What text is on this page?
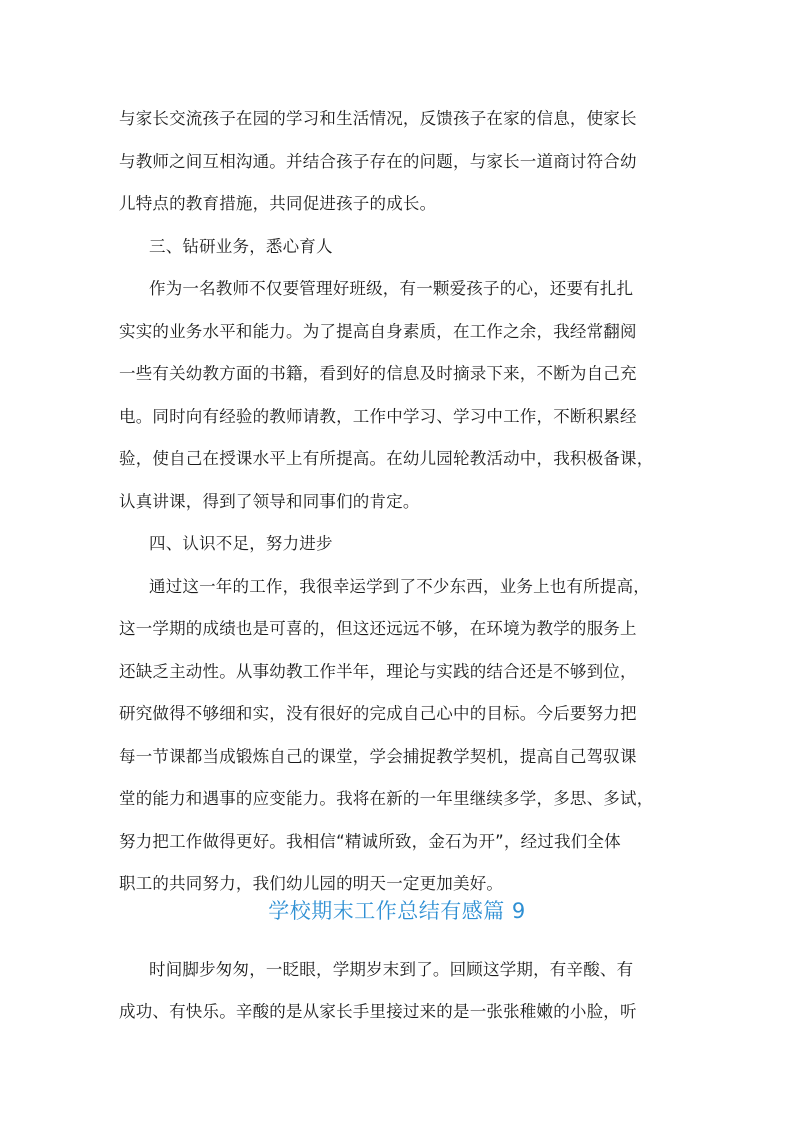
与家长交流孩子在园的学习和生活情况，反馈孩子在家的信息，使家长
与教师之间互相沟通。并结合孩子存在的问题，与家长一道商讨符合幼
儿特点的教育措施，共同促进孩子的成长。
三、钻研业务，悉心育人
作为一名教师不仅要管理好班级，有一颗爱孩子的心，还要有扎扎
实实的业务水平和能力。为了提高自身素质，在工作之余，我经常翻阅
一些有关幼教方面的书籍，看到好的信息及时摘录下来，不断为自己充
电。同时向有经验的教师请教，工作中学习、学习中工作，不断积累经
验，使自己在授课水平上有所提高。在幼儿园轮教活动中，我积极备课，
认真讲课，得到了领导和同事们的肯定。
四、认识不足，努力进步
通过这一年的工作，我很幸运学到了不少东西，业务上也有所提高，
这一学期的成绩也是可喜的，但这还远远不够，在环境为教学的服务上
还缺乏主动性。从事幼教工作半年，理论与实践的结合还是不够到位，
研究做得不够细和实，没有很好的完成自己心中的目标。今后要努力把
每一节课都当成锻炼自己的课堂，学会捕捉教学契机，提高自己驾驭课
堂的能力和遇事的应变能力。我将在新的一年里继续多学，多思、多试，
努力把工作做得更好。我相信“精诚所致，金石为开”，经过我们全体
职工的共同努力，我们幼儿园的明天一定更加美好。
学校期末工作总结有感篇 9
时间脚步匆匆，一眨眼，学期岁末到了。回顾这学期，有辛酸、有
成功、有快乐。辛酸的是从家长手里接过来的是一张张稚嫩的小脸，听
